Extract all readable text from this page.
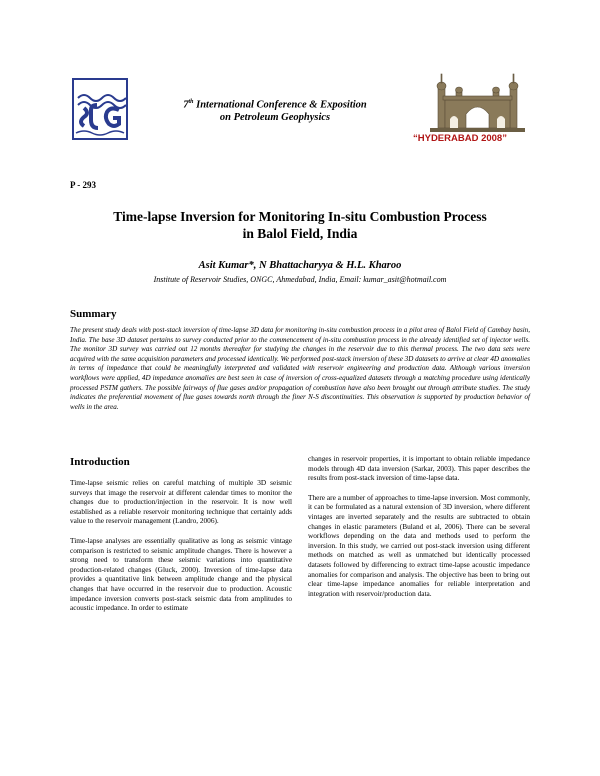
7th International Conference & Exposition
on Petroleum Geophysics
“HYDERABAD 2008”
P - 293
Time-lapse Inversion for Monitoring In-situ Combustion Process
in Balol Field, India
Asit Kumar*, N Bhattacharyya & H.L. Kharoo
Institute of Reservoir Studies, ONGC, Ahmedabad, India, Email: kumar_asit@hotmail.com
Summary

The present study deals with post-stack inversion of time-lapse 3D data for monitoring in-situ combustion process in a pilot area of Balol Field of Cambay basin, India. The base 3D dataset pertains to survey conducted prior to the commencement of in-situ combustion process in the already identified set of injector wells. The monitor 3D survey was carried out 12 months thereafter for studying the changes in the reservoir due to this thermal process. The two data sets were acquired with the same acquisition parameters and processed identically. We performed post-stack inversion of these 3D datasets to arrive at clear 4D anomalies in terms of impedance that could be meaningfully interpreted and validated with reservoir engineering and production data. Although various inversion workflows were applied, 4D impedance anomalies are best seen in case of inversion of cross-equalized datasets through a matching procedure using identically processed PSTM gathers. The possible fairways of flue gases and/or propagation of combustion have also been brought out through attribute studies. The study indicates the preferential movement of flue gases towards north through the finer N-S discontinuities. This observation is supported by production behavior of wells in the area.

Introduction

Time-lapse seismic relies on careful matching of multiple 3D seismic surveys that image the reservoir at different calendar times to monitor the changes due to production/injection in the reservoir. It is now well established as a reliable reservoir monitoring technique that certainly adds value to the reservoir management (Landro, 2006).

Time-lapse analyses are essentially qualitative as long as seismic vintage comparison is restricted to seismic amplitude changes. There is however a strong need to transform these seismic variations into quantitative production-related changes (Gluck, 2000). Inversion of time-lapse data provides a quantitative link between amplitude change and the physical changes that have occurred in the reservoir due to production. Acoustic impedance inversion converts post-stack seismic data from amplitudes to acoustic impedance. In order to estimate

changes in reservoir properties, it is important to obtain reliable impedance models through 4D data inversion (Sarkar, 2003). This paper describes the results from post-stack inversion of time-lapse data.

There are a number of approaches to time-lapse inversion. Most commonly, it can be formulated as a natural extension of 3D inversion, where different vintages are inverted separately and the results are subtracted to obtain changes in elastic parameters (Buland et al, 2006). There can be several workflows depending on the data and methods used to perform the inversion. In this study, we carried out post-stack inversion using different methods on matched as well as unmatched but identically processed datasets followed by differencing to extract time-lapse acoustic impedance anomalies for comparison and analysis. The objective has been to bring out clear time-lapse impedance anomalies for reliable interpretation and integration with reservoir/production data.
